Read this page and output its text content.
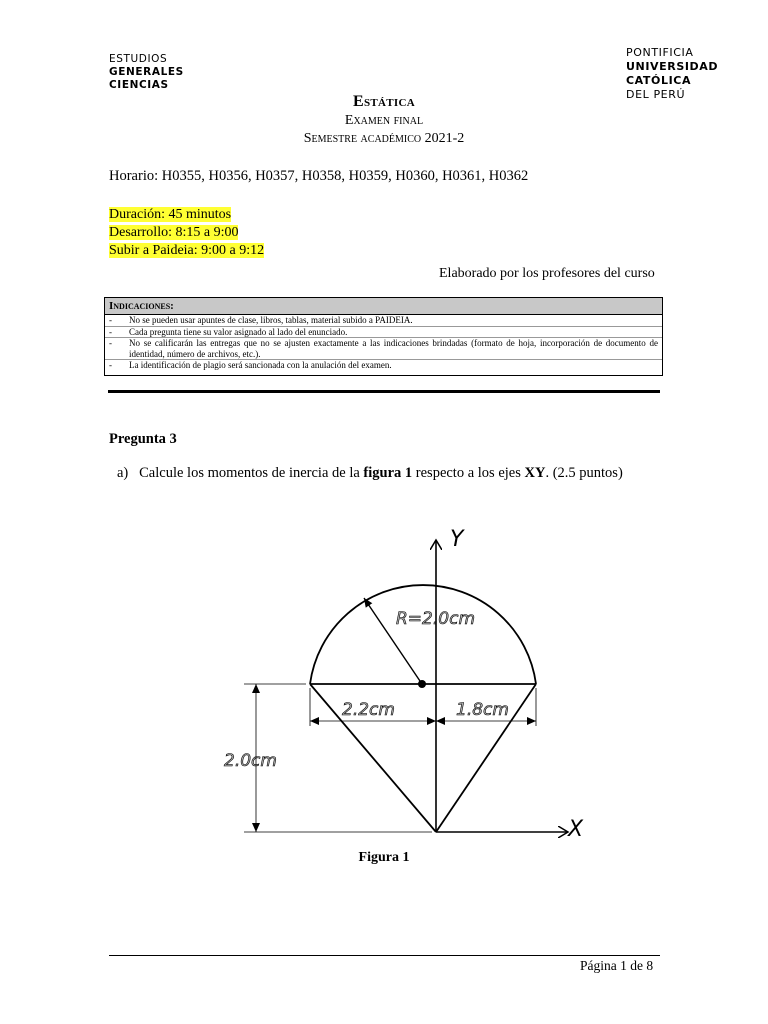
ESTUDIOS
GENERALES
CIENCIAS
PONTIFICIA
UNIVERSIDAD
CATÓLICA
DEL PERÚ
Estática
Examen final
Semestre académico 2021-2
Horario: H0355, H0356, H0357, H0358, H0359, H0360, H0361, H0362
Duración: 45 minutos
Desarrollo: 8:15 a 9:00
Subir a Paideia: 9:00 a 9:12
Elaborado por los profesores del curso
Indicaciones:
- No se pueden usar apuntes de clase, libros, tablas, material subido a PAIDEIA.
- Cada pregunta tiene su valor asignado al lado del enunciado.
- No se calificarán las entregas que no se ajusten exactamente a las indicaciones brindadas (formato de hoja, incorporación de documento de identidad, número de archivos, etc.).
- La identificación de plagio será sancionada con la anulación del examen.
Pregunta 3
a) Calcule los momentos de inercia de la figura 1 respecto a los ejes XY. (2.5 puntos)
Y
X
R=2.0cm
2.2cm	1.8cm
2.0cm
Figura 1
Página 1 de 8
